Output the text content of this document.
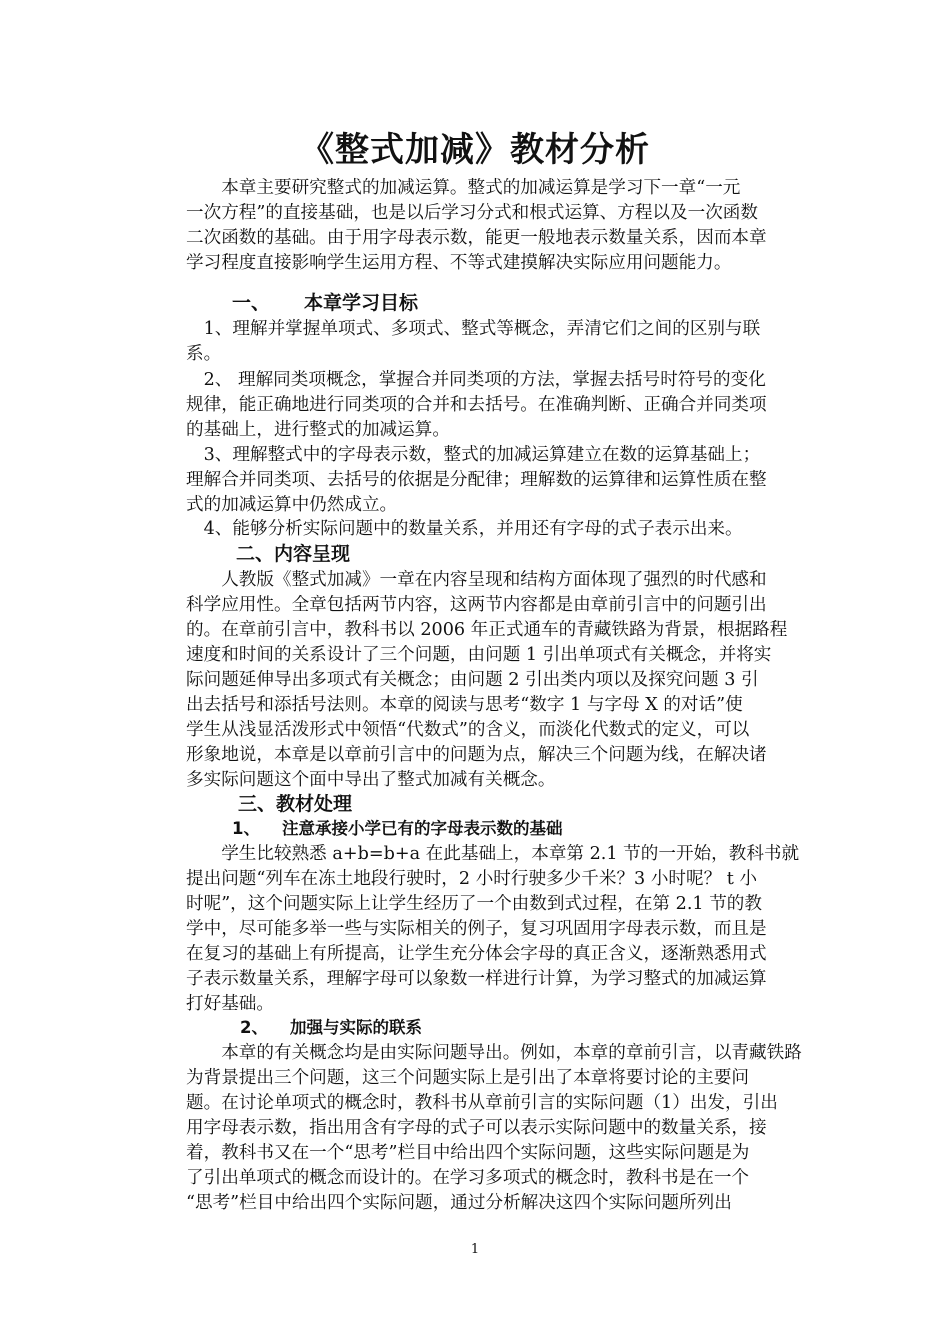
《整式加减》教材分析
　　本章主要研究整式的加减运算。整式的加减运算是学习下一章“一元
一次方程”的直接基础，也是以后学习分式和根式运算、方程以及一次函数
二次函数的基础。由于用字母表示数，能更一般地表示数量关系，因而本章
学习程度直接影响学生运用方程、不等式建摸解决实际应用问题能力。
一、 本章学习目标
　1、理解并掌握单项式、多项式、整式等概念，弄清它们之间的区别与联
系。
　2、 理解同类项概念，掌握合并同类项的方法，掌握去括号时符号的变化
规律，能正确地进行同类项的合并和去括号。在准确判断、正确合并同类项
的基础上，进行整式的加减运算。
　3、理解整式中的字母表示数，整式的加减运算建立在数的运算基础上；
理解合并同类项、去括号的依据是分配律；理解数的运算律和运算性质在整
式的加减运算中仍然成立。
　4、能够分析实际问题中的数量关系，并用还有字母的式子表示出来。
二、内容呈现
　　人教版《整式加减》一章在内容呈现和结构方面体现了强烈的时代感和
科学应用性。全章包括两节内容，这两节内容都是由章前引言中的问题引出
的。在章前引言中，教科书以 2006 年正式通车的青藏铁路为背景，根据路程
速度和时间的关系设计了三个问题，由问题 1 引出单项式有关概念，并将实
际问题延伸导出多项式有关概念；由问题 2 引出类内项以及探究问题 3 引
出去括号和添括号法则。本章的阅读与思考“数字 1 与字母 X 的对话”使
学生从浅显活泼形式中领悟“代数式”的含义，而淡化代数式的定义，可以
形象地说，本章是以章前引言中的问题为点，解决三个问题为线，在解决诸
多实际问题这个面中导出了整式加减有关概念。
三、教材处理
1、 注意承接小学已有的字母表示数的基础
　　学生比较熟悉 a+b=b+a 在此基础上，本章第 2.1 节的一开始，教科书就
提出问题“列车在冻土地段行驶时，2 小时行驶多少千米？3 小时呢？ t 小
时呢”，这个问题实际上让学生经历了一个由数到式过程，在第 2.1 节的教
学中，尽可能多举一些与实际相关的例子，复习巩固用字母表示数，而且是
在复习的基础上有所提高，让学生充分体会字母的真正含义，逐渐熟悉用式
子表示数量关系，理解字母可以象数一样进行计算，为学习整式的加减运算
打好基础。
2、 加强与实际的联系
　　本章的有关概念均是由实际问题导出。例如，本章的章前引言，以青藏铁路
为背景提出三个问题，这三个问题实际上是引出了本章将要讨论的主要问
题。在讨论单项式的概念时，教科书从章前引言的实际问题（1）出发，引出
用字母表示数，指出用含有字母的式子可以表示实际问题中的数量关系，接
着，教科书又在一个“思考”栏目中给出四个实际问题，这些实际问题是为
了引出单项式的概念而设计的。在学习多项式的概念时，教科书是在一个
“思考”栏目中给出四个实际问题，通过分析解决这四个实际问题所列出
1
